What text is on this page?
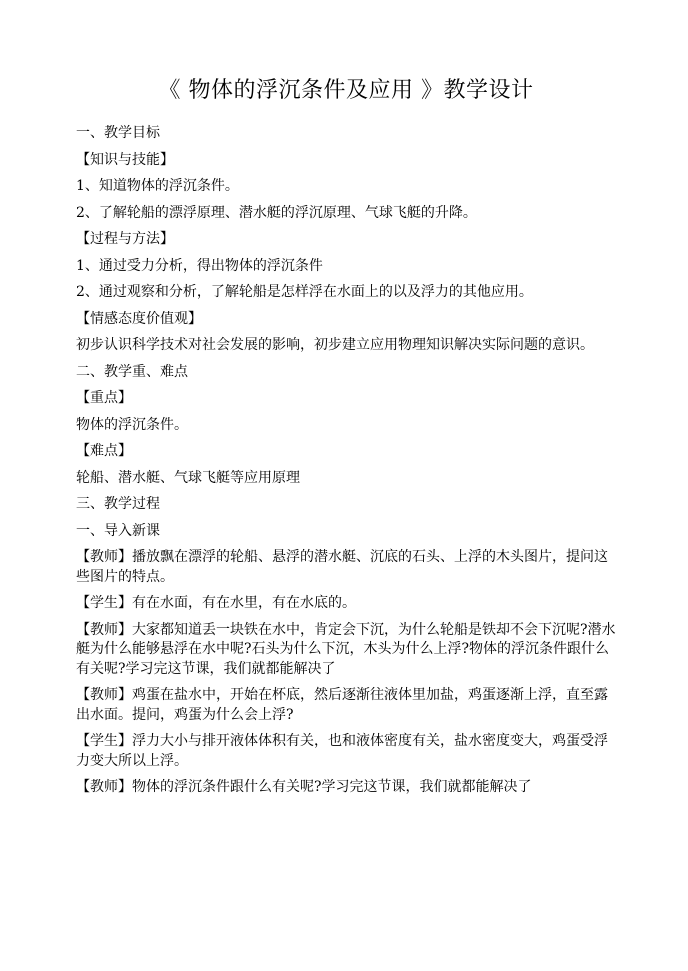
《 物体的浮沉条件及应用 》教学设计

一、教学目标

【知识与技能】

1、知道物体的浮沉条件。

2、了解轮船的漂浮原理、潜水艇的浮沉原理、气球飞艇的升降。

【过程与方法】

1、通过受力分析，得出物体的浮沉条件

2、通过观察和分析，了解轮船是怎样浮在水面上的以及浮力的其他应用。

【情感态度价值观】

初步认识科学技术对社会发展的影响，初步建立应用物理知识解决实际问题的意识。

二、教学重、难点

【重点】

物体的浮沉条件。

【难点】

轮船、潜水艇、气球飞艇等应用原理

三、教学过程

一、导入新课

【教师】播放飘在漂浮的轮船、悬浮的潜水艇、沉底的石头、上浮的木头图片，提问这些图片的特点。

【学生】有在水面，有在水里，有在水底的。

【教师】大家都知道丢一块铁在水中，肯定会下沉，为什么轮船是铁却不会下沉呢?潜水艇为什么能够悬浮在水中呢?石头为什么下沉，木头为什么上浮?物体的浮沉条件跟什么有关呢?学习完这节课，我们就都能解决了

【教师】鸡蛋在盐水中，开始在杯底，然后逐渐往液体里加盐，鸡蛋逐渐上浮，直至露出水面。提问，鸡蛋为什么会上浮?

【学生】浮力大小与排开液体体积有关，也和液体密度有关，盐水密度变大，鸡蛋受浮力变大所以上浮。

【教师】物体的浮沉条件跟什么有关呢?学习完这节课，我们就都能解决了
